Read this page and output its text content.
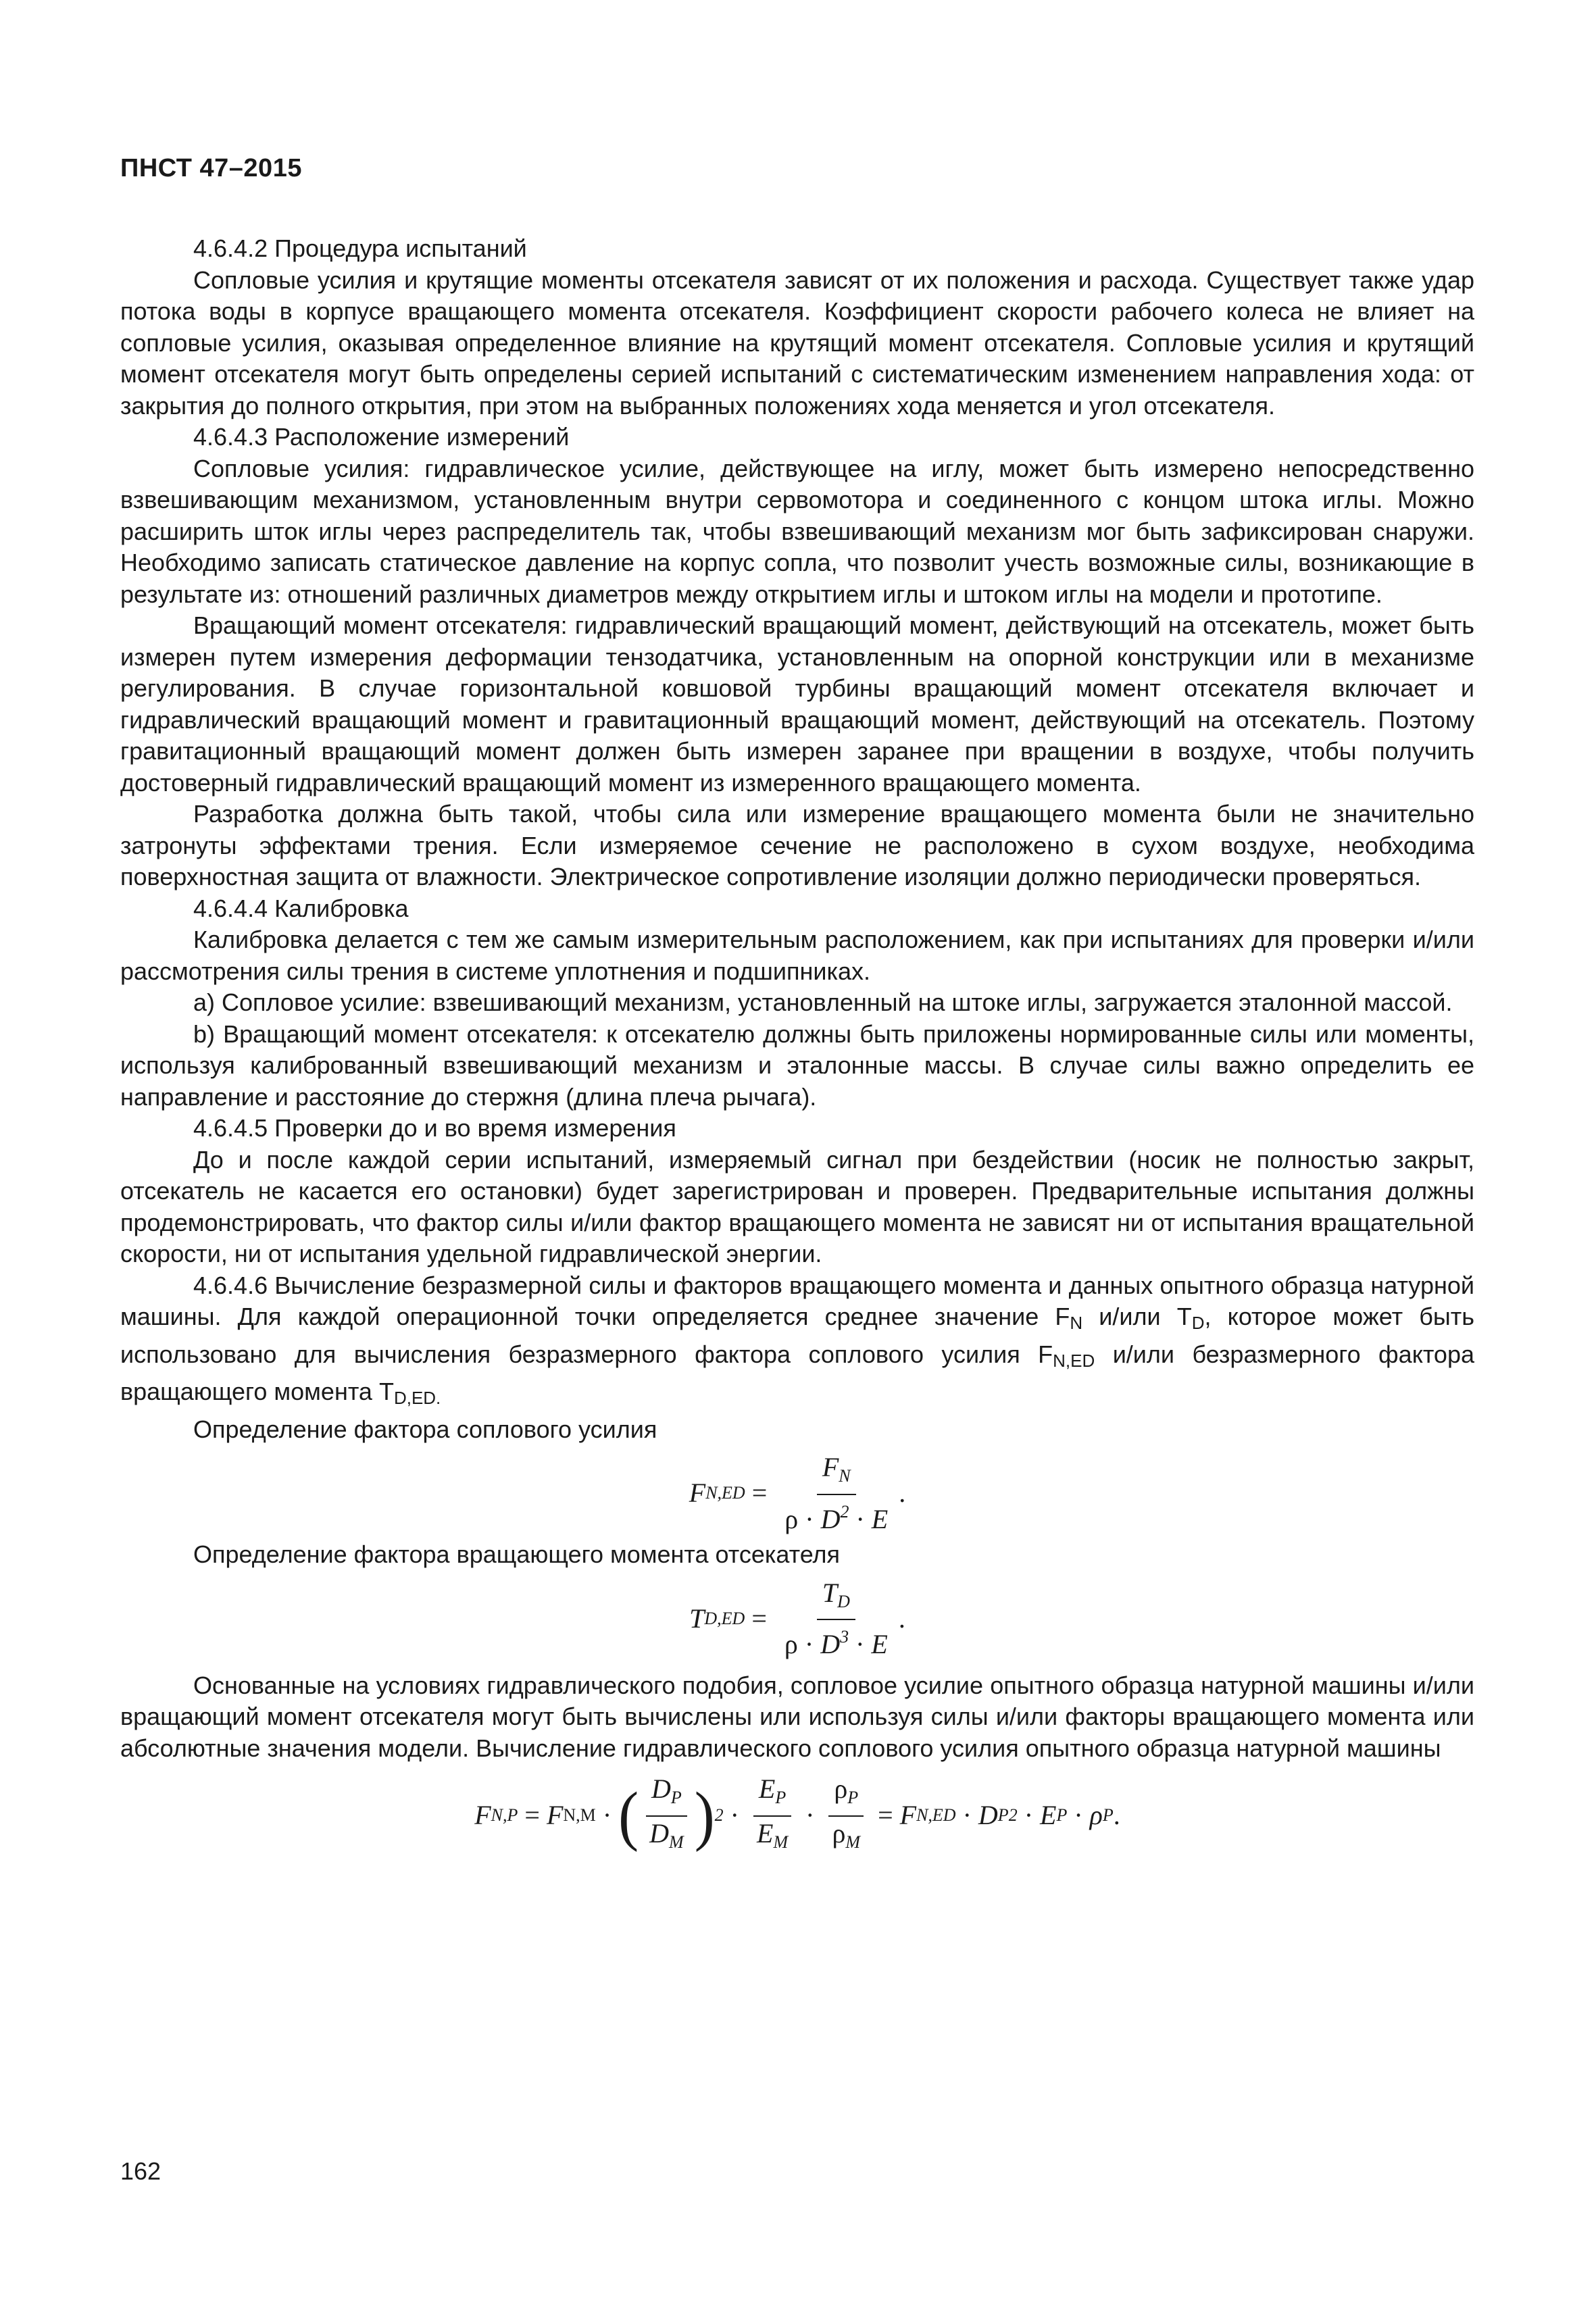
ПНСТ 47–2015

4.6.4.2 Процедура испытаний

Сопловые усилия и крутящие моменты отсекателя зависят от их положения и расхода. Существует также удар потока воды в корпусе вращающего момента отсекателя. Коэффициент скорости рабочего колеса не влияет на сопловые усилия, оказывая определенное влияние на крутящий момент отсекателя. Сопловые усилия и крутящий момент отсекателя могут быть определены серией испытаний с систематическим изменением направления хода: от закрытия до полного открытия, при этом на выбранных положениях хода меняется и угол отсекателя.

4.6.4.3 Расположение измерений

Сопловые усилия: гидравлическое усилие, действующее на иглу, может быть измерено непосредственно взвешивающим механизмом, установленным внутри сервомотора и соединенного с концом штока иглы. Можно расширить шток иглы через распределитель так, чтобы взвешивающий механизм мог быть зафиксирован снаружи. Необходимо записать статическое давление на корпус сопла, что позволит учесть возможные силы, возникающие в результате из: отношений различных диаметров между открытием иглы и штоком иглы на модели и прототипе.

Вращающий момент отсекателя: гидравлический вращающий момент, действующий на отсекатель, может быть измерен путем измерения деформации тензодатчика, установленным на опорной конструкции или в механизме регулирования. В случае горизонтальной ковшовой турбины вращающий момент отсекателя включает и гидравлический вращающий момент и гравитационный вращающий момент, действующий на отсекатель. Поэтому гравитационный вращающий момент должен быть измерен заранее при вращении в воздухе, чтобы получить достоверный гидравлический вращающий момент из измеренного вращающего момента.

Разработка должна быть такой, чтобы сила или измерение вращающего момента были не значительно затронуты эффектами трения. Если измеряемое сечение не расположено в сухом воздухе, необходима поверхностная защита от влажности. Электрическое сопротивление изоляции должно периодически проверяться.

4.6.4.4 Калибровка

Калибровка делается с тем же самым измерительным расположением, как при испытаниях для проверки и/или рассмотрения силы трения в системе уплотнения и подшипниках.

a) Сопловое усилие: взвешивающий механизм, установленный на штоке иглы, загружается эталонной массой.

b) Вращающий момент отсекателя: к отсекателю должны быть приложены нормированные силы или моменты, используя калиброванный взвешивающий механизм и эталонные массы. В случае силы важно определить ее направление и расстояние до стержня (длина плеча рычага).

4.6.4.5 Проверки до и во время измерения

До и после каждой серии испытаний, измеряемый сигнал при бездействии (носик не полностью закрыт, отсекатель не касается его остановки) будет зарегистрирован и проверен. Предварительные испытания должны продемонстрировать, что фактор силы и/или фактор вращающего момента не зависят ни от испытания вращательной скорости, ни от испытания удельной гидравлической энергии.

4.6.4.6 Вычисление безразмерной силы и факторов вращающего момента и данных опытного образца натурной машины. Для каждой операционной точки определяется среднее значение FN и/или TD, которое может быть использовано для вычисления безразмерного фактора соплового усилия FN,ED и/или безразмерного фактора вращающего момента TD,ED.

Определение фактора соплового усилия

F $N,ED = \frac{F_N}{\rho \cdot D^2 \cdot E}$ .

Определение фактора вращающего момента отсекателя

T $D,ED = \frac{T_D}{\rho \cdot D^3 \cdot E}$ .

Основанные на условиях гидравлического подобия, сопловое усилие опытного образца натурной машины и/или вращающий момент отсекателя могут быть вычислены или используя силы и/или факторы вращающего момента или абсолютные значения модели. Вычисление гидравлического соплового усилия опытного образца натурной машины

F N,P = F N,M · ( $\frac{D_P}{D_M}$ ) $2 \cdot \frac{E_P}{E_M} \cdot \frac{\rho_P}{\rho_M} = F$ N,ED · D P 2 · E P · ρ P .
162
